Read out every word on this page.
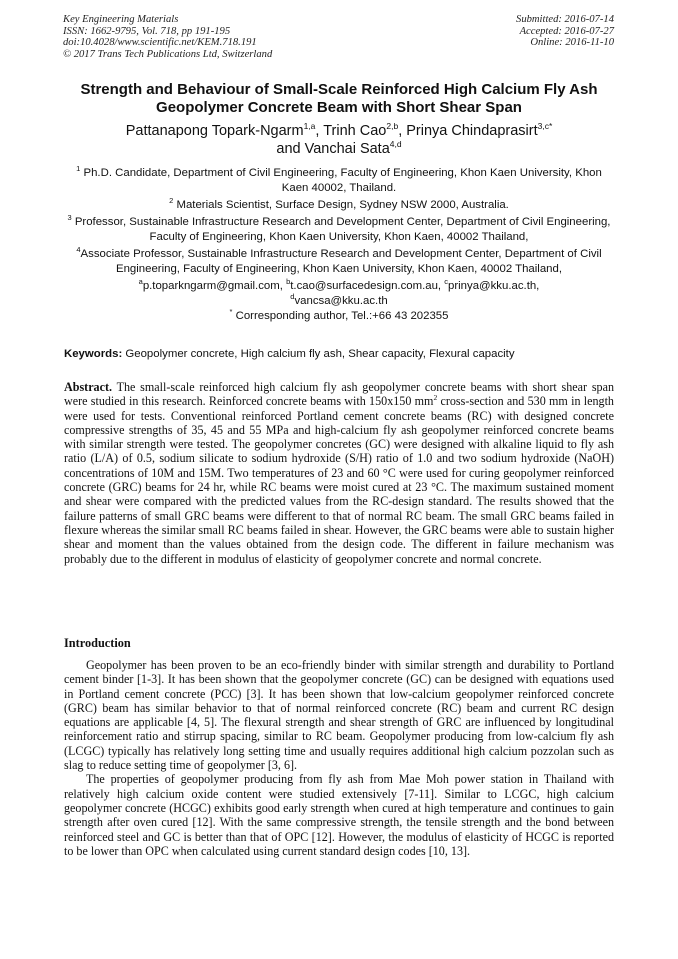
Key Engineering Materials
ISSN: 1662-9795, Vol. 718, pp 191-195
doi:10.4028/www.scientific.net/KEM.718.191
© 2017 Trans Tech Publications Ltd, Switzerland
Submitted: 2016-07-14
Accepted: 2016-07-27
Online: 2016-11-10
Strength and Behaviour of Small-Scale Reinforced High Calcium Fly Ash Geopolymer Concrete Beam with Short Shear Span
Pattanapong Topark-Ngarm$^{1,a}$, Trinh Cao$^{2,b}$, Prinya Chindaprasirt$^{3,c*}$
and Vanchai Sata$^{4,d}$

$^1$ Ph.D. Candidate, Department of Civil Engineering, Faculty of Engineering, Khon Kaen University, Khon Kaen 40002, Thailand.

$^2$ Materials Scientist, Surface Design, Sydney NSW 2000, Australia.

$^3$ Professor, Sustainable Infrastructure Research and Development Center, Department of Civil Engineering, Faculty of Engineering, Khon Kaen University, Khon Kaen, 40002 Thailand,

$^4$Associate Professor, Sustainable Infrastructure Research and Development Center, Department of Civil Engineering, Faculty of Engineering, Khon Kaen University, Khon Kaen, 40002 Thailand,

$^a$p.toparkngarm@gmail.com, $^b$t.cao@surfacedesign.com.au, $^c$prinya@kku.ac.th,
$^d$vancsa@kku.ac.th
* Corresponding author, Tel.:+66 43 202355

Keywords: Geopolymer concrete, High calcium fly ash, Shear capacity, Flexural capacity

Abstract. The small-scale reinforced high calcium fly ash geopolymer concrete beams with short shear span were studied in this research. Reinforced concrete beams with 150x150 $mm^2$ cross-section and 530 mm in length were used for tests. Conventional reinforced Portland cement concrete beams (RC) with designed concrete compressive strengths of 35, 45 and 55 MPa and high-calcium fly ash geopolymer reinforced concrete beams with similar strength were tested. The geopolymer concretes (GC) were designed with alkaline liquid to fly ash ratio (L/A) of 0.5, sodium silicate to sodium hydroxide (S/H) ratio of 1.0 and two sodium hydroxide (NaOH) concentrations of 10M and 15M. Two temperatures of 23 and 60 °C were used for curing geopolymer reinforced concrete (GRC) beams for 24 hr, while RC beams were moist cured at 23 °C. The maximum sustained moment and shear were compared with the predicted values from the RC-design standard. The results showed that the failure patterns of small GRC beams were different to that of normal RC beam. The small GRC beams failed in flexure whereas the similar small RC beams failed in shear. However, the GRC beams were able to sustain higher shear and moment than the values obtained from the design code. The different in failure mechanism was probably due to the different in modulus of elasticity of geopolymer concrete and normal concrete.

Introduction

Geopolymer has been proven to be an eco-friendly binder with similar strength and durability to Portland cement binder [1-3]. It has been shown that the geopolymer concrete (GC) can be designed with equations used in Portland cement concrete (PCC) [3]. It has been shown that low-calcium geopolymer reinforced concrete (GRC) beam has similar behavior to that of normal reinforced concrete (RC) beam and current RC design equations are applicable [4, 5]. The flexural strength and shear strength of GRC are influenced by longitudinal reinforcement ratio and stirrup spacing, similar to RC beam. Geopolymer producing from low-calcium fly ash (LCGC) typically has relatively long setting time and usually requires additional high calcium pozzolan such as slag to reduce setting time of geopolymer [3, 6].

The properties of geopolymer producing from fly ash from Mae Moh power station in Thailand with relatively high calcium oxide content were studied extensively [7-11]. Similar to LCGC, high calcium geopolymer concrete (HCGC) exhibits good early strength when cured at high temperature and continues to gain strength after oven cured [12]. With the same compressive strength, the tensile strength and the bond between reinforced steel and GC is better than that of OPC [12]. However, the modulus of elasticity of HCGC is reported to be lower than OPC when calculated using current standard design codes [10, 13].
